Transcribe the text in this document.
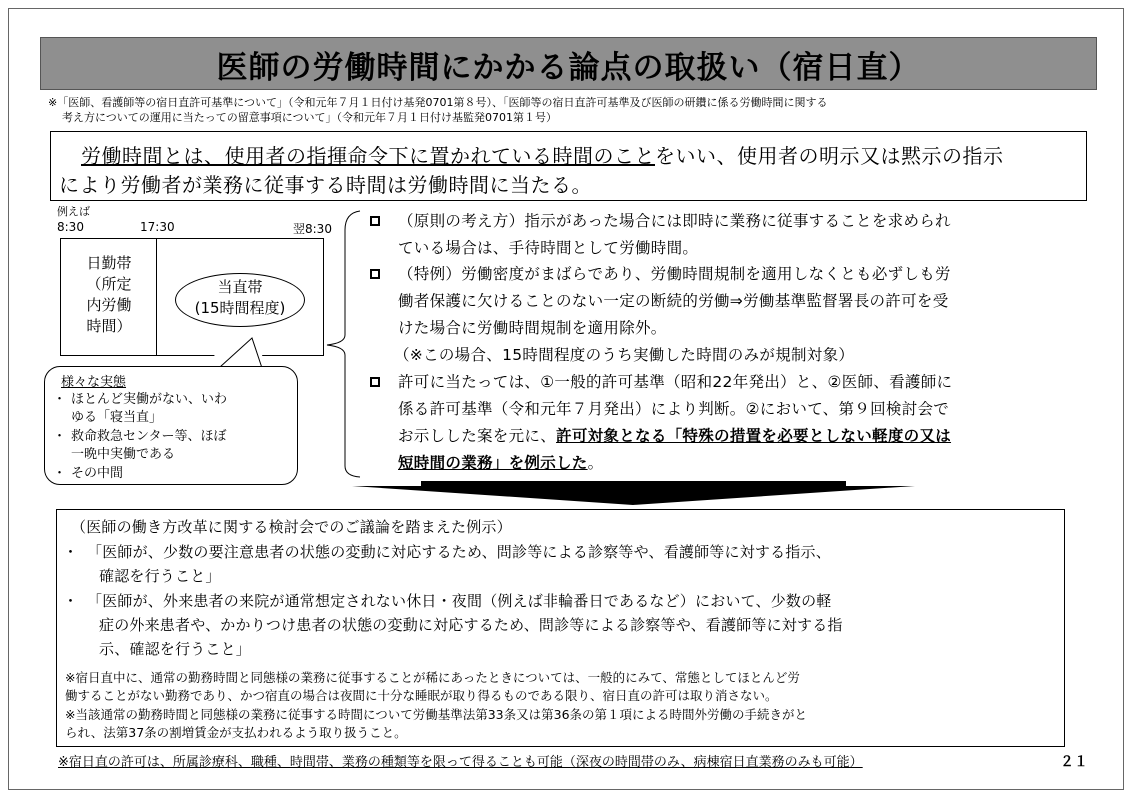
医師の労働時間にかかる論点の取扱い（宿日直）
※「医師、看護師等の宿日直許可基準について」（令和元年７月１日付け基発0701第８号）、「医師等の宿日直許可基準及び医師の研鑽に係る労働時間に関する
考え方についての運用に当たっての留意事項について」（令和元年７月１日付け基監発0701第１号）
労働時間とは、使用者の指揮命令下に置かれている時間のことをいい、使用者の明示又は黙示の指示
により労働者が業務に従事する時間は労働時間に当たる。
例えば
8:30	17:30	翌8:30
日勤帯
（所定
内労働
時間）
当直帯
(15時間程度)
様々な実態
・ ほとんど実働がない、いわ
ゆる「寝当直」
・ 救命救急センター等、ほぼ
一晩中実働である
・ その中間
（原則の考え方）指示があった場合には即時に業務に従事することを求められ
ている場合は、手待時間として労働時間。
（特例）労働密度がまばらであり、労働時間規制を適用しなくとも必ずしも労
働者保護に欠けることのない一定の断続的労働⇒労働基準監督署長の許可を受
けた場合に労働時間規制を適用除外。
（※この場合、15時間程度のうち実働した時間のみが規制対象）
許可に当たっては、①一般的許可基準（昭和22年発出）と、②医師、看護師に
係る許可基準（令和元年７月発出）により判断。②において、第９回検討会で
お示しした案を元に、許可対象となる「特殊の措置を必要としない軽度の又は
短時間の業務」を例示した。
（医師の働き方改革に関する検討会でのご議論を踏まえた例示）
・ 「医師が、少数の要注意患者の状態の変動に対応するため、問診等による診察等や、看護師等に対する指示、
確認を行うこと」
・ 「医師が、外来患者の来院が通常想定されない休日・夜間（例えば非輪番日であるなど）において、少数の軽
症の外来患者や、かかりつけ患者の状態の変動に対応するため、問診等による診察等や、看護師等に対する指
示、確認を行うこと」
※宿日直中に、通常の勤務時間と同態様の業務に従事することが稀にあったときについては、一般的にみて、常態としてほとんど労
働することがない勤務であり、かつ宿直の場合は夜間に十分な睡眠が取り得るものである限り、宿日直の許可は取り消さない。
※当該通常の勤務時間と同態様の業務に従事する時間について労働基準法第33条又は第36条の第１項による時間外労働の手続きがと
られ、法第37条の割増賃金が支払われるよう取り扱うこと。
※宿日直の許可は、所属診療科、職種、時間帯、業務の種類等を限って得ることも可能（深夜の時間帯のみ、病棟宿日直業務のみも可能）	２１
